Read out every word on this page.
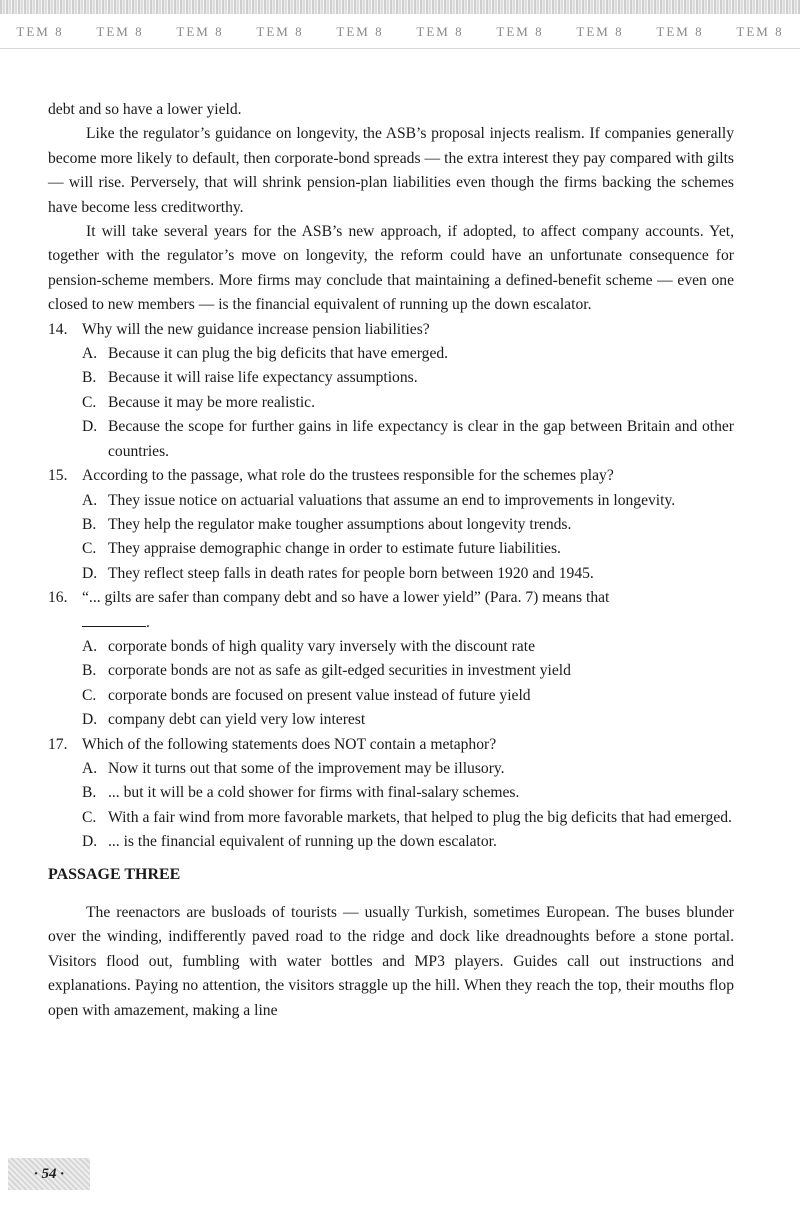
TEM 8	TEM 8	TEM 8	TEM 8	TEM 8	TEM 8	TEM 8	TEM 8	TEM 8	TEM 8

debt and so have a lower yield.

Like the regulator’s guidance on longevity, the ASB’s proposal injects realism. If companies generally become more likely to default, then corporate-bond spreads — the extra interest they pay compared with gilts — will rise. Perversely, that will shrink pension-plan liabilities even though the firms backing the schemes have become less creditworthy.

It will take several years for the ASB’s new approach, if adopted, to affect company accounts. Yet, together with the regulator’s move on longevity, the reform could have an unfortunate consequence for pension-scheme members. More firms may conclude that maintaining a defined-benefit scheme — even one closed to new members — is the financial equivalent of running up the down escalator.

14. Why will the new guidance increase pension liabilities?
A. Because it can plug the big deficits that have emerged.
B. Because it will raise life expectancy assumptions.
C. Because it may be more realistic.
D. Because the scope for further gains in life expectancy is clear in the gap between Britain and other countries.
15. According to the passage, what role do the trustees responsible for the schemes play?
A. They issue notice on actuarial valuations that assume an end to improvements in longevity.
B. They help the regulator make tougher assumptions about longevity trends.
C. They appraise demographic change in order to estimate future liabilities.
D. They reflect steep falls in death rates for people born between 1920 and 1945.
16. “... gilts are safer than company debt and so have a lower yield” (Para. 7) means that
.
A. corporate bonds of high quality vary inversely with the discount rate
B. corporate bonds are not as safe as gilt-edged securities in investment yield
C. corporate bonds are focused on present value instead of future yield
D. company debt can yield very low interest
17. Which of the following statements does NOT contain a metaphor?
A. Now it turns out that some of the improvement may be illusory.
B. ... but it will be a cold shower for firms with final-salary schemes.
C. With a fair wind from more favorable markets, that helped to plug the big deficits that had emerged.
D. ... is the financial equivalent of running up the down escalator.
PASSAGE THREE

The reenactors are busloads of tourists — usually Turkish, sometimes European. The buses blunder over the winding, indifferently paved road to the ridge and dock like dreadnoughts before a stone portal. Visitors flood out, fumbling with water bottles and MP3 players. Guides call out instructions and explanations. Paying no attention, the visitors straggle up the hill. When they reach the top, their mouths flop open with amazement, making a line

· 54 ·
